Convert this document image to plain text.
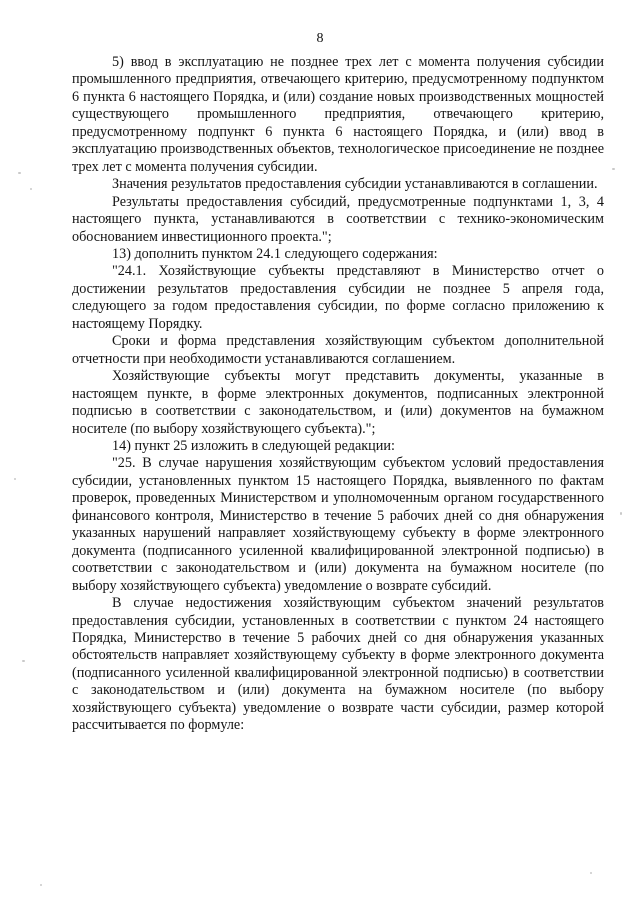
8

5) ввод в эксплуатацию не позднее трех лет с момента получения субсидии промышленного предприятия, отвечающего критерию, предусмотренному подпунктом 6 пункта 6 настоящего Порядка, и (или) создание новых производственных мощностей существующего промышленного предприятия, отвечающего критерию, предусмотренному подпункт 6 пункта 6 настоящего Порядка, и (или) ввод в эксплуатацию производственных объектов, технологическое присоединение не позднее трех лет с момента получения субсидии.

Значения результатов предоставления субсидии устанавливаются в соглашении.

Результаты предоставления субсидий, предусмотренные подпунктами 1, 3, 4 настоящего пункта, устанавливаются в соответствии с технико-экономическим обоснованием инвестиционного проекта.";

13) дополнить пунктом 24.1 следующего содержания:

"24.1. Хозяйствующие субъекты представляют в Министерство отчет о достижении результатов предоставления субсидии не позднее 5 апреля года, следующего за годом предоставления субсидии, по форме согласно приложению к настоящему Порядку.

Сроки и форма представления хозяйствующим субъектом дополнительной отчетности при необходимости устанавливаются соглашением.

Хозяйствующие субъекты могут представить документы, указанные в настоящем пункте, в форме электронных документов, подписанных электронной подписью в соответствии с законодательством, и (или) документов на бумажном носителе (по выбору хозяйствующего субъекта).";

14) пункт 25 изложить в следующей редакции:

"25. В случае нарушения хозяйствующим субъектом условий предоставления субсидии, установленных пунктом 15 настоящего Порядка, выявленного по фактам проверок, проведенных Министерством и уполномоченным органом государственного финансового контроля, Министерство в течение 5 рабочих дней со дня обнаружения указанных нарушений направляет хозяйствующему субъекту в форме электронного документа (подписанного усиленной квалифицированной электронной подписью) в соответствии с законодательством и (или) документа на бумажном носителе (по выбору хозяйствующего субъекта) уведомление о возврате субсидий.

В случае недостижения хозяйствующим субъектом значений результатов предоставления субсидии, установленных в соответствии с пунктом 24 настоящего Порядка, Министерство в течение 5 рабочих дней со дня обнаружения указанных обстоятельств направляет хозяйствующему субъекту в форме электронного документа (подписанного усиленной квалифицированной электронной подписью) в соответствии с законодательством и (или) документа на бумажном носителе (по выбору хозяйствующего субъекта) уведомление о возврате части субсидии, размер которой рассчитывается по формуле:
